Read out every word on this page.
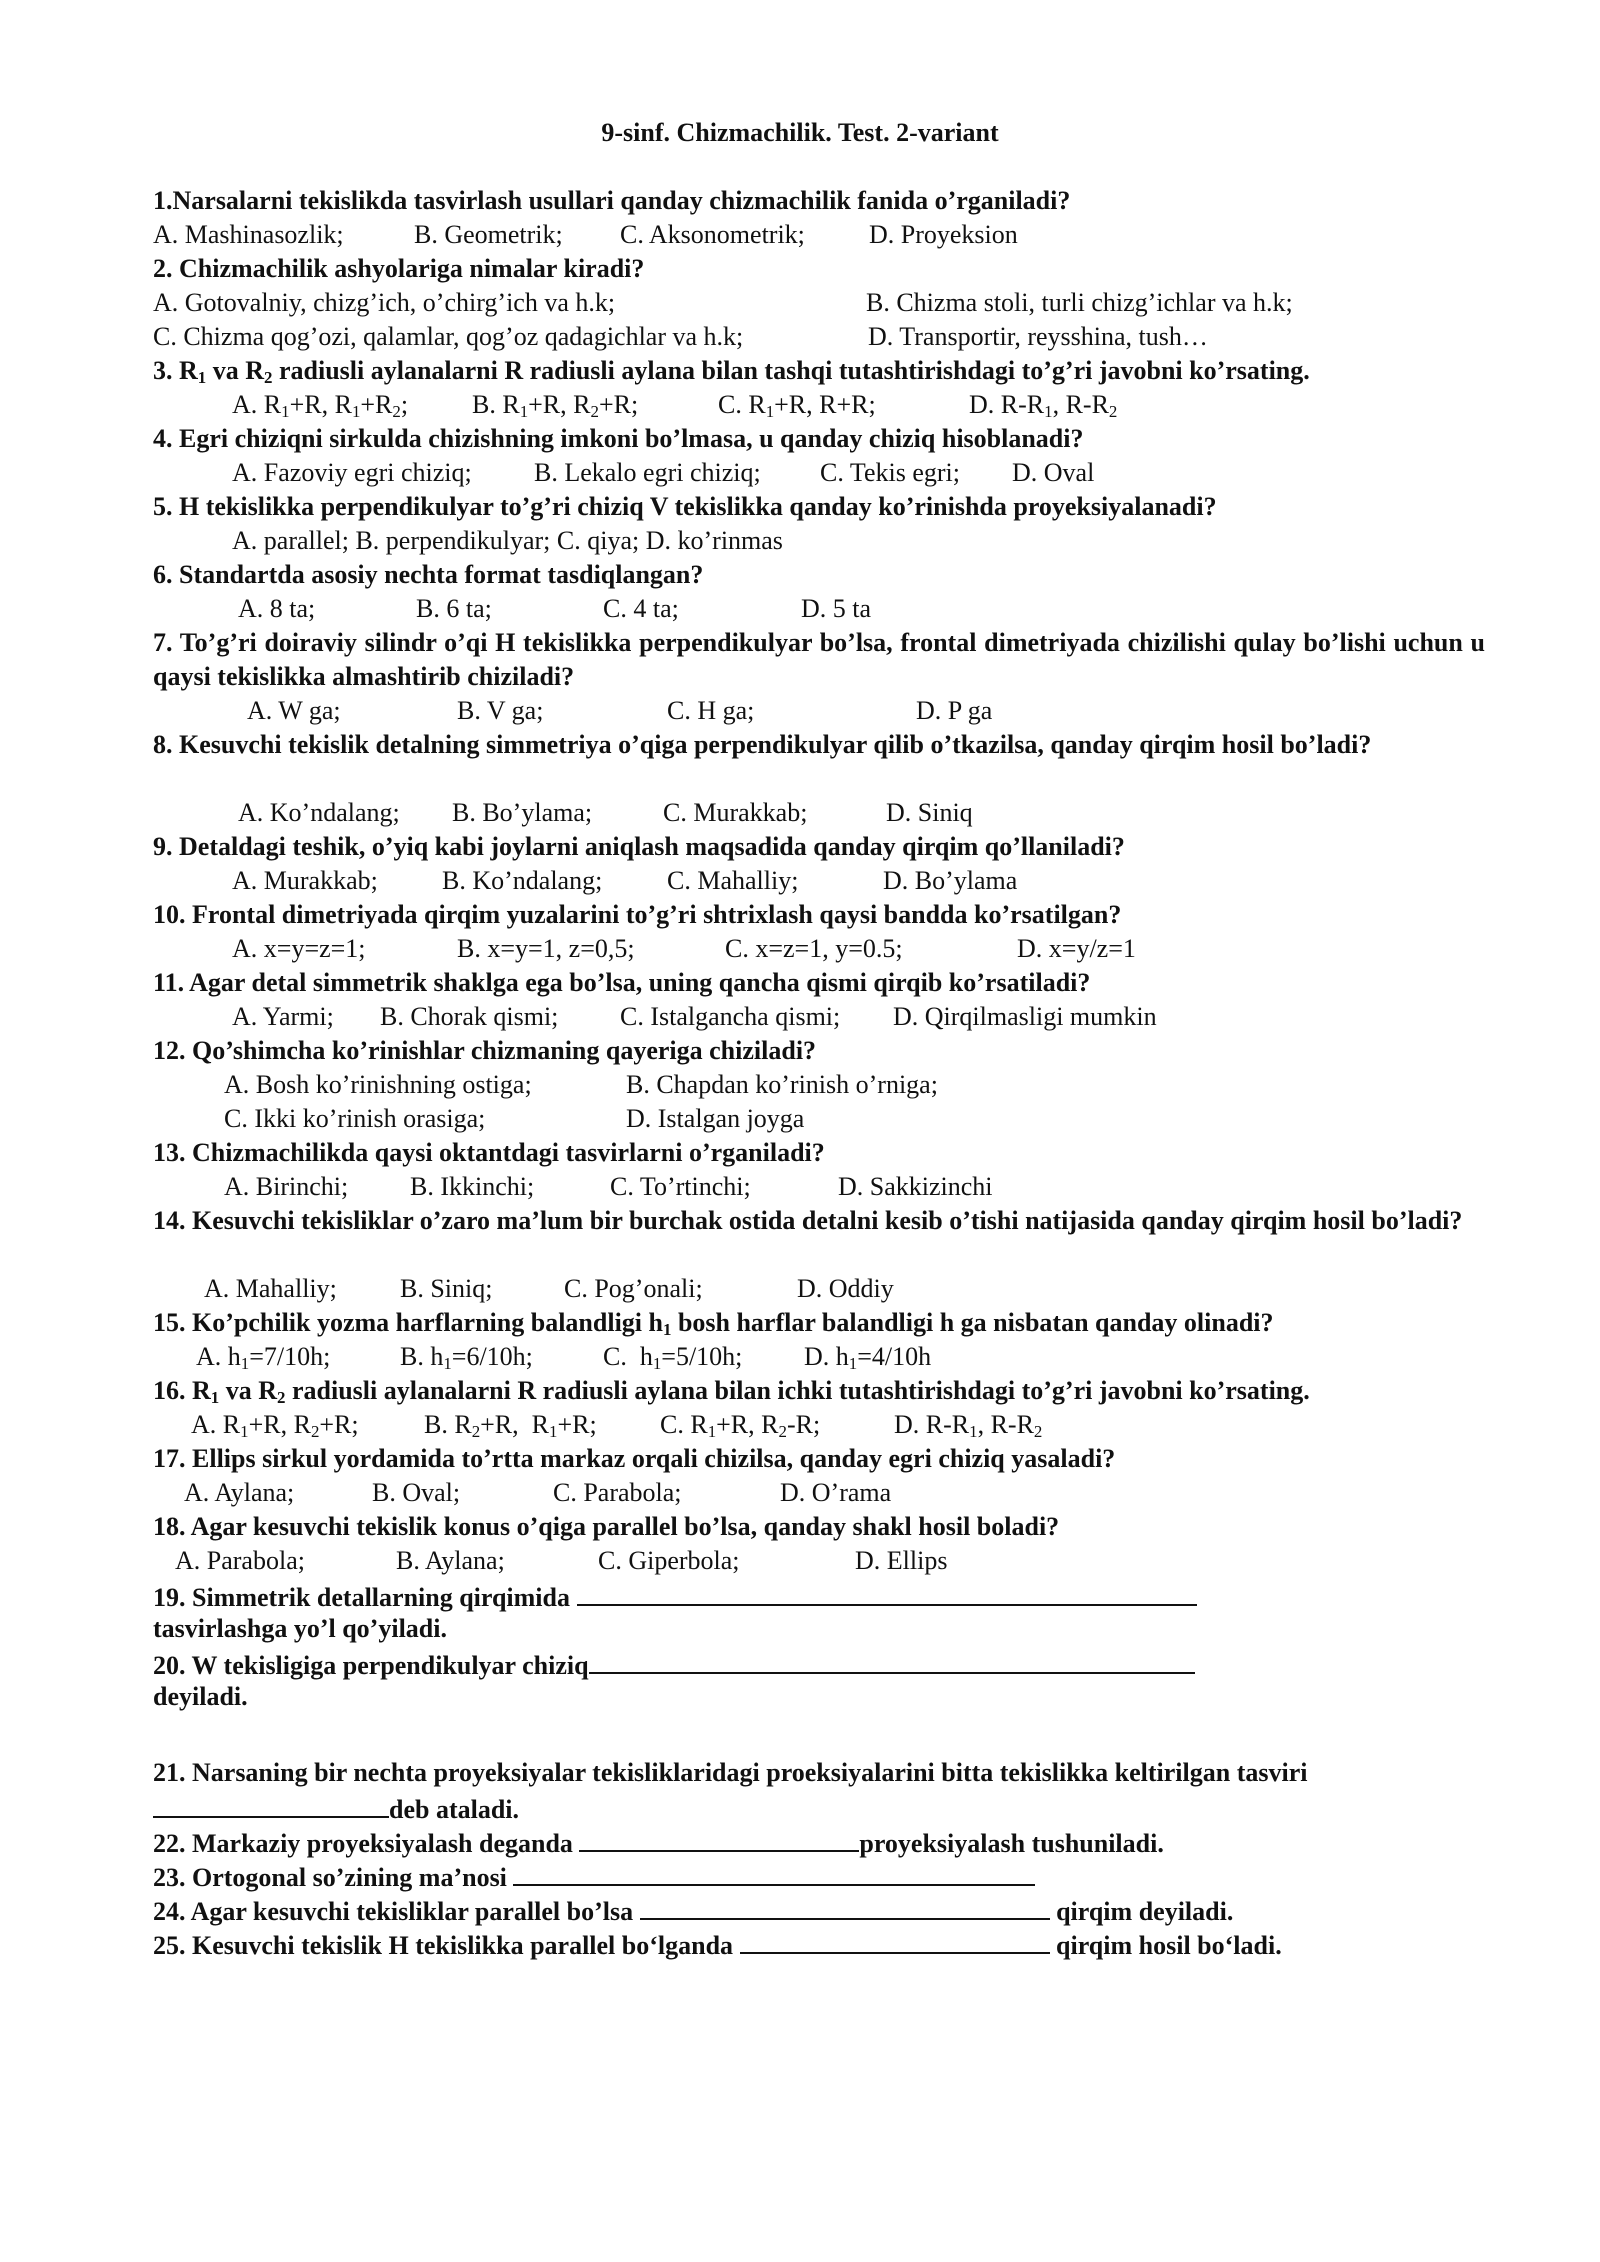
9-sinf. Chizmachilik. Test. 2-variant
1.Narsalarni tekislikda tasvirlash usullari qanday chizmachilik fanida o’rganiladi?
A. Mashinasozlik;	B. Geometrik; C. Aksonometrik; D. Proyeksion
2. Chizmachilik ashyolariga nimalar kiradi?
A. Gotovalniy, chizg’ich, o’chirg’ich va h.k;	B. Chizma stoli, turli chizg’ichlar va h.k;
C. Chizma qog’ozi, qalamlar, qog’oz qadagichlar va h.k;	D. Transportir, reysshina, tush…
3. $R_1$ va $R_2$ radiusli aylanalarni R radiusli aylana bilan tashqi tutashtirishdagi to’g’ri javobni ko’rsating.
A. $R_1+R$, $R_1+R_2$; B. $R_1+R$, $R_2+R$;	C. $R_1+R$, R+R;	D. $R-R_1$, $R-R_2$
4. Egri chiziqni sirkulda chizishning imkoni bo’lmasa, u qanday chiziq hisoblanadi?
A. Fazoviy egri chiziq; B. Lekalo egri chiziq; C. Tekis egri; D. Oval
5. H tekislikka perpendikulyar to’g’ri chiziq V tekislikka qanday ko’rinishda proyeksiyalanadi?
A. parallel; B. perpendikulyar; C. qiya; D. ko’rinmas
6. Standartda asosiy nechta format tasdiqlangan?
A. 8 ta;	B. 6 ta;	C. 4 ta;	D. 5 ta
7. To’g’ri doiraviy silindr o’qi H tekislikka perpendikulyar bo’lsa, frontal dimetriyada chizilishi qulay bo’lishi uchun u qaysi tekislikka almashtirib chiziladi?
A. W ga;	B. V ga;	C. H ga;	D. P ga
8. Kesuvchi tekislik detalning simmetriya o’qiga perpendikulyar qilib o’tkazilsa, qanday qirqim hosil bo’ladi?
A. Ko’ndalang; B. Bo’ylama;	C. Murakkab;	D. Siniq
9. Detaldagi teshik, o’yiq kabi joylarni aniqlash maqsadida qanday qirqim qo’llaniladi?
A. Murakkab; B. Ko’ndalang; C. Mahalliy;	D. Bo’ylama
10. Frontal dimetriyada qirqim yuzalarini to’g’ri shtrixlash qaysi bandda ko’rsatilgan?
A. x=y=z=1;	B. x=y=1, z=0,5;	C. x=z=1, y=0.5;	D. x=y/z=1
11. Agar detal simmetrik shaklga ega bo’lsa, uning qancha qismi qirqib ko’rsatiladi?
A. Yarmi; B. Chorak qismi; C. Istalgancha qismi; D. Qirqilmasligi mumkin
12. Qo’shimcha ko’rinishlar chizmaning qayeriga chiziladi?
A. Bosh ko’rinishning ostiga;	B. Chapdan ko’rinish o’rniga;
C. Ikki ko’rinish orasiga;	D. Istalgan joyga
13. Chizmachilikda qaysi oktantdagi tasvirlarni o’rganiladi?
A. Birinchi; B. Ikkinchi;	C. To’rtinchi;	D. Sakkizinchi
14. Kesuvchi tekisliklar o’zaro ma’lum bir burchak ostida detalni kesib o’tishi natijasida qanday qirqim hosil bo’ladi?
A. Mahalliy; B. Siniq;	C. Pog’onali;	D. Oddiy
15. Ko’pchilik yozma harflarning balandligi $h_1$ bosh harflar balandligi h ga nisbatan qanday olinadi?
A. $h_1=7/10h$;	B. $h_1=6/10h$;	C.  $h_1=5/10h$; D. $h_1=4/10h$
16. $R_1$ va $R_2$ radiusli aylanalarni R radiusli aylana bilan ichki tutashtirishdagi to’g’ri javobni ko’rsating.
A. $R_1+R$, $R_2+R$;	B. $R_2+R$,  $R_1+R$; C. $R_1+R$, $R_2-R$;	D. $R-R_1$, $R-R_2$
17. Ellips sirkul yordamida to’rtta markaz orqali chizilsa, qanday egri chiziq yasaladi?
A. Aylana;	B. Oval;	C. Parabola;	D. O’rama
18. Agar kesuvchi tekislik konus o’qiga parallel bo’lsa, qanday shakl hosil boladi?
A. Parabola;	B. Aylana;	C. Giperbola;	D. Ellips
19. Simmetrik detallarning qirqimida
tasvirlashga yo’l qo’yiladi.
20. W tekisligiga perpendikulyar chiziq
deyiladi.
21. Narsaning bir nechta proyeksiyalar tekisliklaridagi proeksiyalarini bitta tekislikka keltirilgan tasviri
deb ataladi.
22. Markaziy proyeksiyalash deganda	proyeksiyalash tushuniladi.
23. Ortogonal so’zining ma’nosi
24. Agar kesuvchi tekisliklar parallel bo’lsa	qirqim deyiladi.
25. Kesuvchi tekislik H tekislikka parallel bo‘lganda	qirqim hosil bo‘ladi.
